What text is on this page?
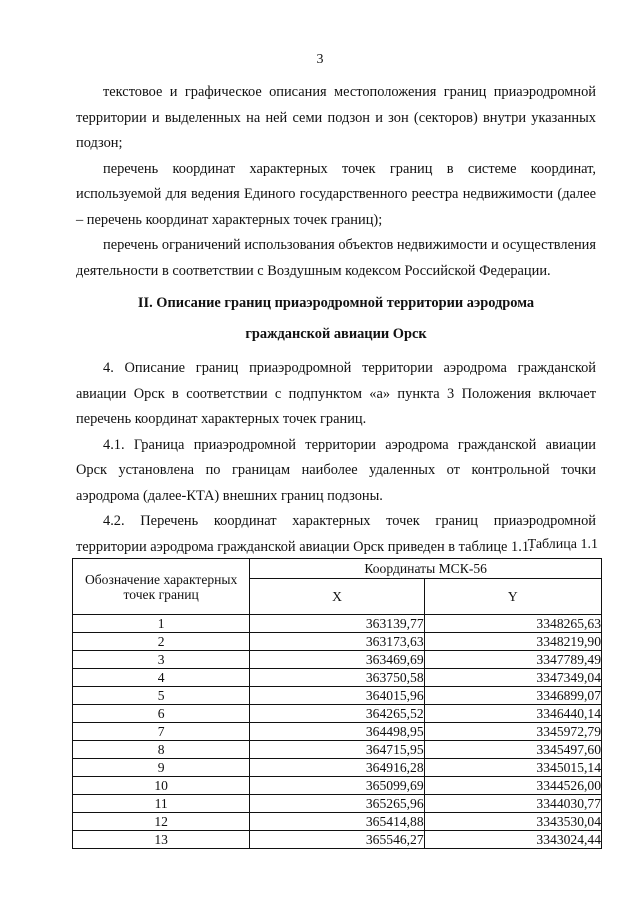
3

текстовое и графическое описания местоположения границ приаэродромной территории и выделенных на ней семи подзон и зон (секторов) внутри указанных подзон;

перечень координат характерных точек границ в системе координат, используемой для ведения Единого государственного реестра недвижимости (далее – перечень координат характерных точек границ);

перечень ограничений использования объектов недвижимости и осуществления деятельности в соответствии с Воздушным кодексом Российской Федерации.

II. Описание границ приаэродромной территории аэродрома
гражданской авиации Орск

4. Описание границ приаэродромной территории аэродрома гражданской авиации Орск в соответствии с подпунктом «а» пункта 3 Положения включает перечень координат характерных точек границ.

4.1. Граница приаэродромной территории аэродрома гражданской авиации Орск установлена по границам наиболее удаленных от контрольной точки аэродрома (далее-КТА) внешних границ подзоны.

4.2. Перечень координат характерных точек границ приаэродромной территории аэродрома гражданской авиации Орск приведен в таблице 1.1.

Таблица 1.1
Обозначение характерных точек границ	Координаты МСК-56	
	X	Y
1	363139,77	3348265,63
2	363173,63	3348219,90
3	363469,69	3347789,49
4	363750,58	3347349,04
5	364015,96	3346899,07
6	364265,52	3346440,14
7	364498,95	3345972,79
8	364715,95	3345497,60
9	364916,28	3345015,14
10	365099,69	3344526,00
11	365265,96	3344030,77
12	365414,88	3343530,04
13	365546,27	3343024,44
